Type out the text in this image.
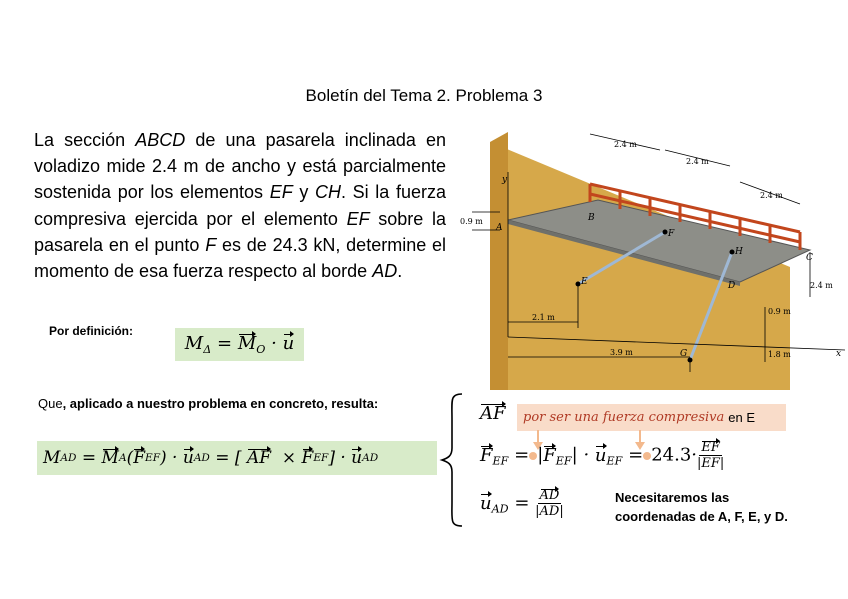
Boletín del Tema 2. Problema 3
La sección ABCD de una pasarela inclinada en voladizo mide 2.4 m de ancho y está parcialmente sostenida por los elementos EF y CH. Si la fuerza compresiva ejercida por el elemento EF sobre la pasarela en el punto F es de 24.3 kN, determine el momento de esa fuerza respecto al borde AD.
Por definición:
$M_\Delta = M_O \cdot u$
Que, aplicado a nuestro problema en concreto, resulta:
M AD = M A ( F EF ) · u AD = [ AF × F EF ] · u AD
AF por ser una fuerza compresiva en E
$F_{EF} = |F_{EF}| \cdot u_{EF} = 24.3\cdot \frac{EF}{|EF|}$
$u_{AD} = \frac{AD}{|AD|}$	Necesitaremos las
coordenadas de A, F, E, y D.
y
x
2.4 m
2.4 m
2.4 m
2.4 m
0.9 m
0.9 m
1.8 m
2.1 m
3.9 m
A
B
C
D
E
F
G
H
